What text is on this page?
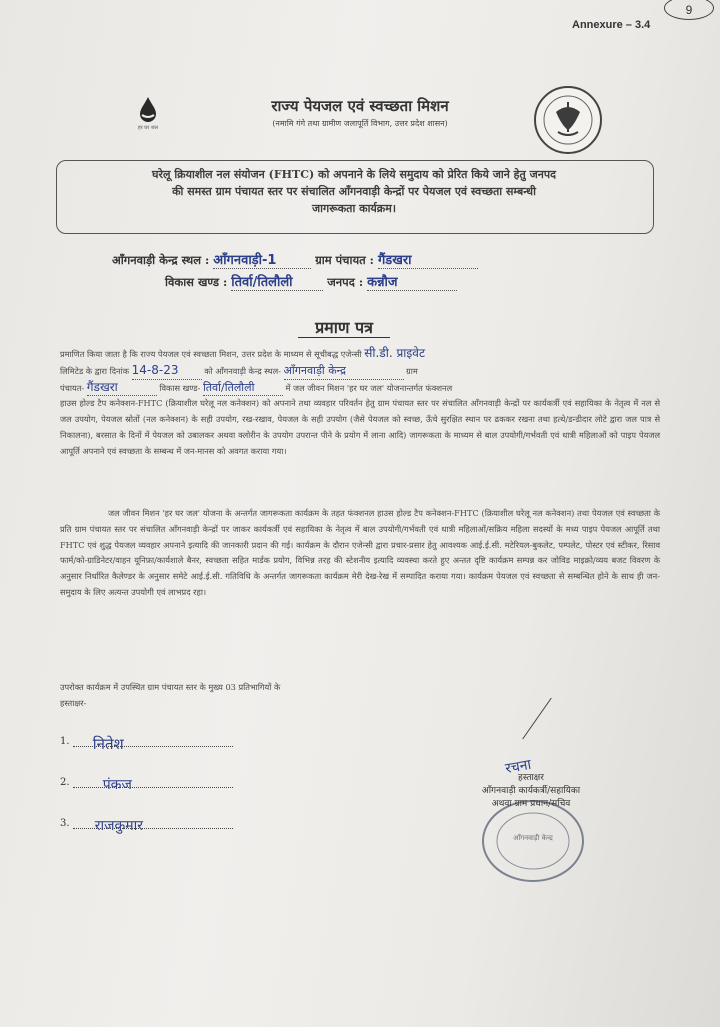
Annexure – 3.4
9
हर घर जल
राज्य पेयजल एवं स्वच्छता मिशन
(नमामि गंगे तथा ग्रामीण जलापूर्ति विभाग, उत्तर प्रदेश शासन)
घरेलू क्रियाशील नल संयोजन (FHTC) को अपनाने के लिये समुदाय को प्रेरित किये जाने हेतु जनपद
की समस्त ग्राम पंचायत स्तर पर संचालित आँगनवाड़ी केन्द्रों पर पेयजल एवं स्वच्छता सम्बन्धी
जागरूकता कार्यक्रम।
आँगनवाड़ी केन्द्र स्थल : आँगनवाड़ी-1	ग्राम पंचायत : गैंडखरा
विकास खण्ड : तिर्वा/तिलौली	जनपद : कन्नौज
प्रमाण पत्र
प्रमाणित किया जाता है कि राज्य पेयजल एवं स्वच्छता मिशन, उत्तर प्रदेश के माध्यम से सूचीबद्ध एजेन्सी सी.डी. प्राइवेट
लिमिटेड के द्वारा दिनांक 14-8-23	को आँगनवाड़ी केन्द्र स्थल- आँगनवाड़ी केन्द्र	ग्राम
पंचायत- गैंडखरा	विकास खण्ड- तिर्वा/तिलौली	में जल जीवन मिशन 'हर घर जल' योजनान्तर्गत फंक्शनल
हाउस होल्ड टैप कनेक्शन-FHTC (क्रियाशील घरेलू नल कनेक्शन) को अपनाने तथा व्यवहार परिवर्तन हेतु ग्राम पंचायत स्तर पर संचालित आँगनवाड़ी केन्द्रों पर कार्यकर्त्री एवं सहायिका के नेतृत्व में नल से जल उपयोग, पेयजल स्रोतों (नल कनेक्शन) के सही उपयोग, रख-रखाव, पेयजल के सही उपयोग (जैसे पेयजल को स्वच्छ, ऊँचे सुरक्षित स्थान पर ढककर रखना तथा हत्थे/डन्डीदार लोटे द्वारा जल पात्र से निकालना), बरसात के दिनों में पेयजल को उबालकर अथवा क्लोरीन के उपयोग उपरान्त पीने के प्रयोग में लाना आदि) जागरूकता के माध्यम से बाल उपयोगी/गर्भवती एवं धात्री महिलाओं को पाइप पेयजल आपूर्ति अपनाने एवं स्वच्छता के सम्बन्ध में जन-मानस को अवगत कराया गया।
जल जीवन मिशन 'हर घर जल' योजना के अन्तर्गत जागरूकता कार्यक्रम के तहत फंक्शनल हाउस होल्ड टैप कनेक्शन-FHTC (क्रियाशील घरेलू नल कनेक्शन) तथा पेयजल एवं स्वच्छता के प्रति ग्राम पंचायत स्तर पर संचालित आँगनवाड़ी केन्द्रों पर जाकर कार्यकर्त्री एवं सहायिका के नेतृत्व में बाल उपयोगी/गर्भवती एवं धात्री महिलाओं/सक्रिय महिला सदस्यों के मध्य पाइप पेयजल आपूर्ति तथा FHTC एवं शुद्ध पेयजल व्यवहार अपनाने इत्यादि की जानकारी प्रदान की गई। कार्यक्रम के दौरान एजेन्सी द्वारा प्रचार-प्रसार हेतु आवश्यक आई.ई.सी. मटेरियल-बुकलेट, पम्पलेट, पोस्टर एवं स्टीकर, रिसाव फार्म/को-ग्राडिनेटर/वाहन यूनिफ़ा/कार्यशाले बैनर, स्वच्छता सहित मार्डक प्रयोग, विभिन्न तरह की स्टेशनीय इत्यादि व्यवस्था करते हुए अन्तत दृष्टि कार्यक्रम सम्पन्न कर जोविड माइक्रो/व्यय बजट विवरण के अनुसार निर्धारित कैलेण्डर के अनुसार समेटे आई.ई.सी. गतिविधि के अन्तर्गत जागरूकता कार्यक्रम मेरी देख-रेख में सम्पादित कराया गया। कार्यक्रम पेयजल एवं स्वच्छता से सम्बन्धित होने के साथ ही जन-समुदाय के लिए अत्यन्त उपयोगी एवं लाभप्रद रहा।
उपरोक्त कार्यक्रम में उपस्थित ग्राम पंचायत स्तर के मुख्य 03 प्रतिभागियों के
हस्ताक्षर-
1. नितेश
2. पंकज
3. राजकुमार
आँगनवाड़ी केन्द्र
रचना
हस्ताक्षर
आँगनवाड़ी कार्यकर्त्री/सहायिका
अथवा ग्राम प्रधान/सचिव
